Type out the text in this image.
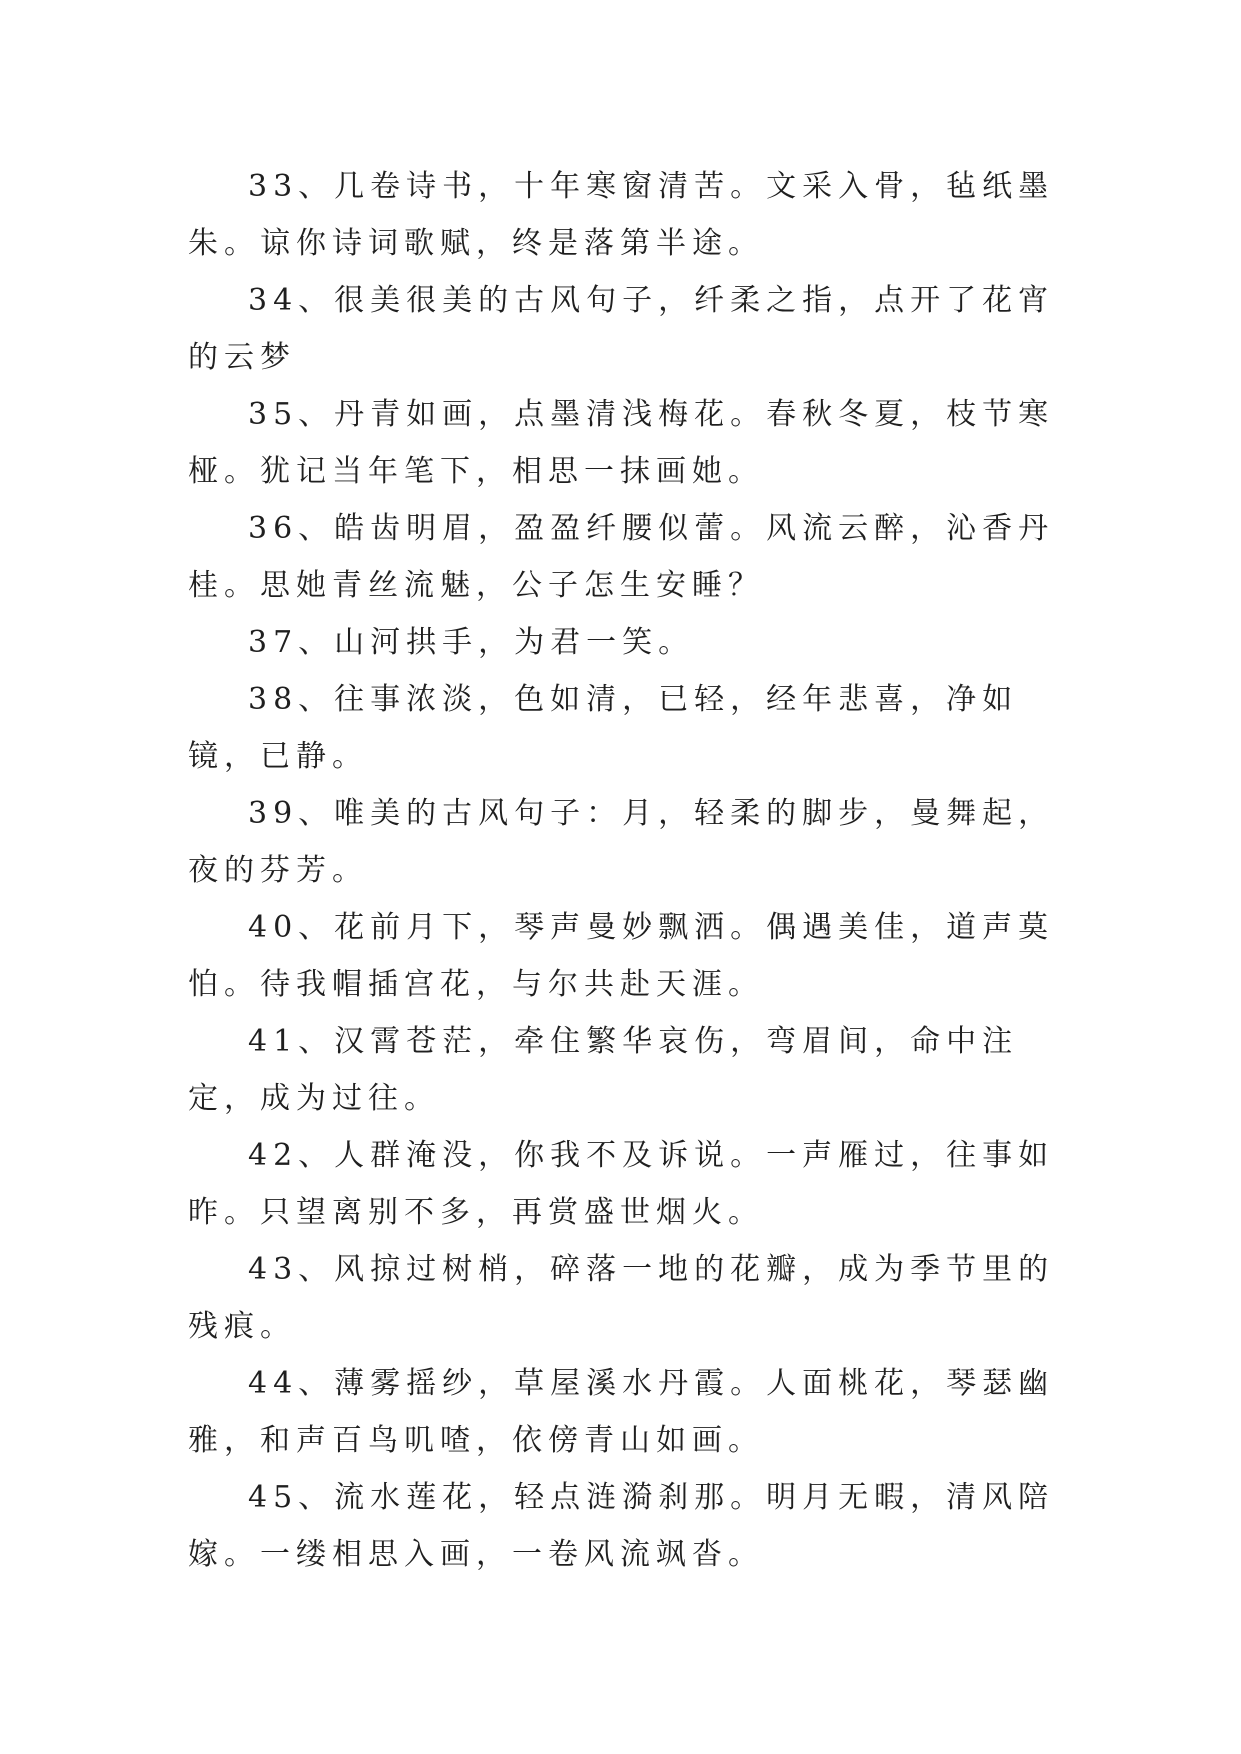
33、几卷诗书，十年寒窗清苦。文采入骨，毡纸墨朱。谅你诗词歌赋，终是落第半途。

34、很美很美的古风句子，纤柔之指，点开了花宵的云梦

35、丹青如画，点墨清浅梅花。春秋冬夏，枝节寒桠。犹记当年笔下，相思一抹画她。

36、皓齿明眉，盈盈纤腰似蕾。风流云醉，沁香丹桂。思她青丝流魅，公子怎生安睡？

37、山河拱手，为君一笑。

38、往事浓淡，色如清，已轻，经年悲喜，净如镜，已静。

39、唯美的古风句子：月，轻柔的脚步，曼舞起，夜的芬芳。

40、花前月下，琴声曼妙飘洒。偶遇美佳，道声莫怕。待我帽插宫花，与尔共赴天涯。

41、汉霄苍茫，牵住繁华哀伤，弯眉间，命中注定，成为过往。

42、人群淹没，你我不及诉说。一声雁过，往事如昨。只望离别不多，再赏盛世烟火。

43、风掠过树梢，碎落一地的花瓣，成为季节里的残痕。

44、薄雾摇纱，草屋溪水丹霞。人面桃花，琴瑟幽雅，和声百鸟叽喳，依傍青山如画。

45、流水莲花，轻点涟漪刹那。明月无暇，清风陪嫁。一缕相思入画，一卷风流飒沓。
